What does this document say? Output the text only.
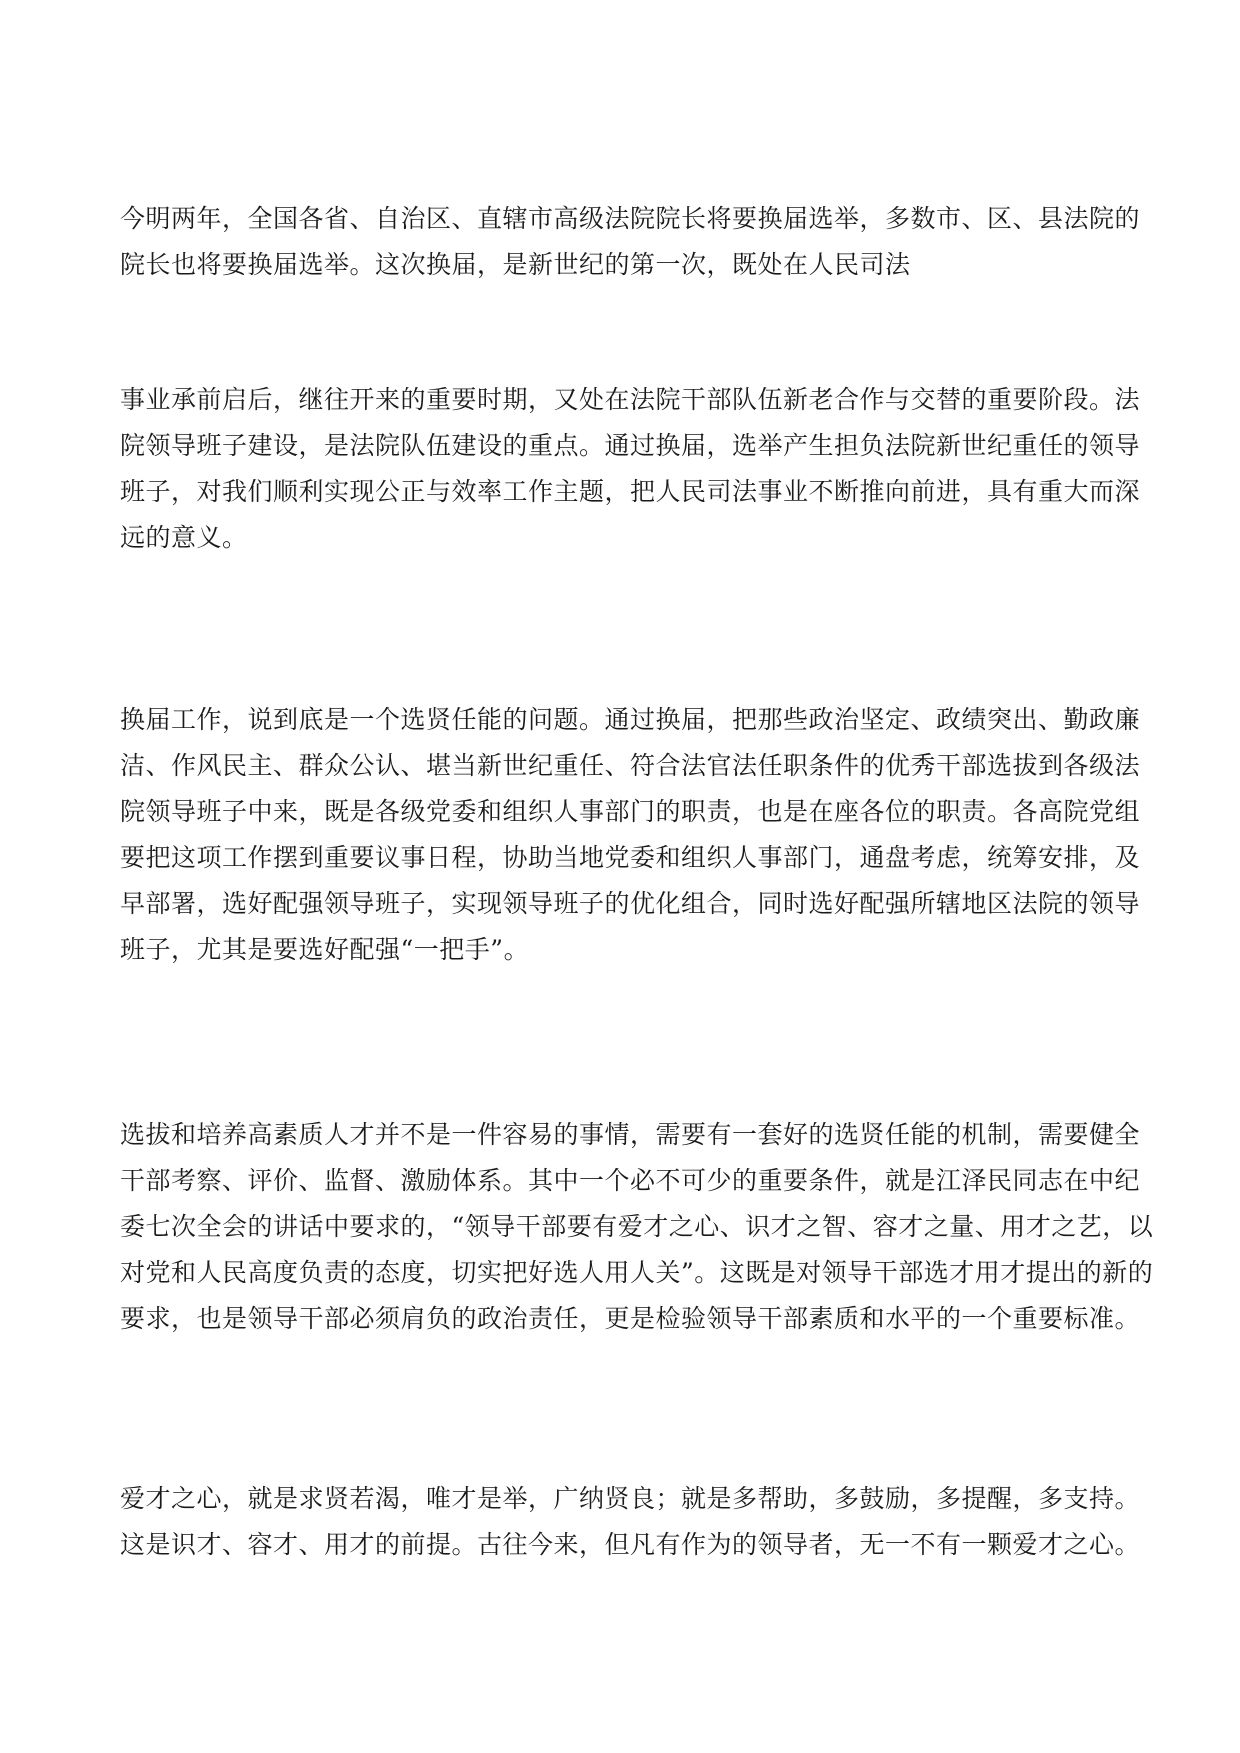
今明两年，全国各省、自治区、直辖市高级法院院长将要换届选举，多数市、区、县法院的
院长也将要换届选举。这次换届，是新世纪的第一次，既处在人民司法
事业承前启后，继往开来的重要时期，又处在法院干部队伍新老合作与交替的重要阶段。法
院领导班子建设，是法院队伍建设的重点。通过换届，选举产生担负法院新世纪重任的领导
班子，对我们顺利实现公正与效率工作主题，把人民司法事业不断推向前进，具有重大而深
远的意义。
换届工作，说到底是一个选贤任能的问题。通过换届，把那些政治坚定、政绩突出、勤政廉
洁、作风民主、群众公认、堪当新世纪重任、符合法官法任职条件的优秀干部选拔到各级法
院领导班子中来，既是各级党委和组织人事部门的职责，也是在座各位的职责。各高院党组
要把这项工作摆到重要议事日程，协助当地党委和组织人事部门，通盘考虑，统筹安排，及
早部署，选好配强领导班子，实现领导班子的优化组合，同时选好配强所辖地区法院的领导
班子，尤其是要选好配强“一把手”。
选拔和培养高素质人才并不是一件容易的事情，需要有一套好的选贤任能的机制，需要健全
干部考察、评价、监督、激励体系。其中一个必不可少的重要条件，就是江泽民同志在中纪
委七次全会的讲话中要求的，“领导干部要有爱才之心、识才之智、容才之量、用才之艺，以
对党和人民高度负责的态度，切实把好选人用人关”。这既是对领导干部选才用才提出的新的
要求，也是领导干部必须肩负的政治责任，更是检验领导干部素质和水平的一个重要标准。
爱才之心，就是求贤若渴，唯才是举，广纳贤良；就是多帮助，多鼓励，多提醒，多支持。
这是识才、容才、用才的前提。古往今来，但凡有作为的领导者，无一不有一颗爱才之心。
